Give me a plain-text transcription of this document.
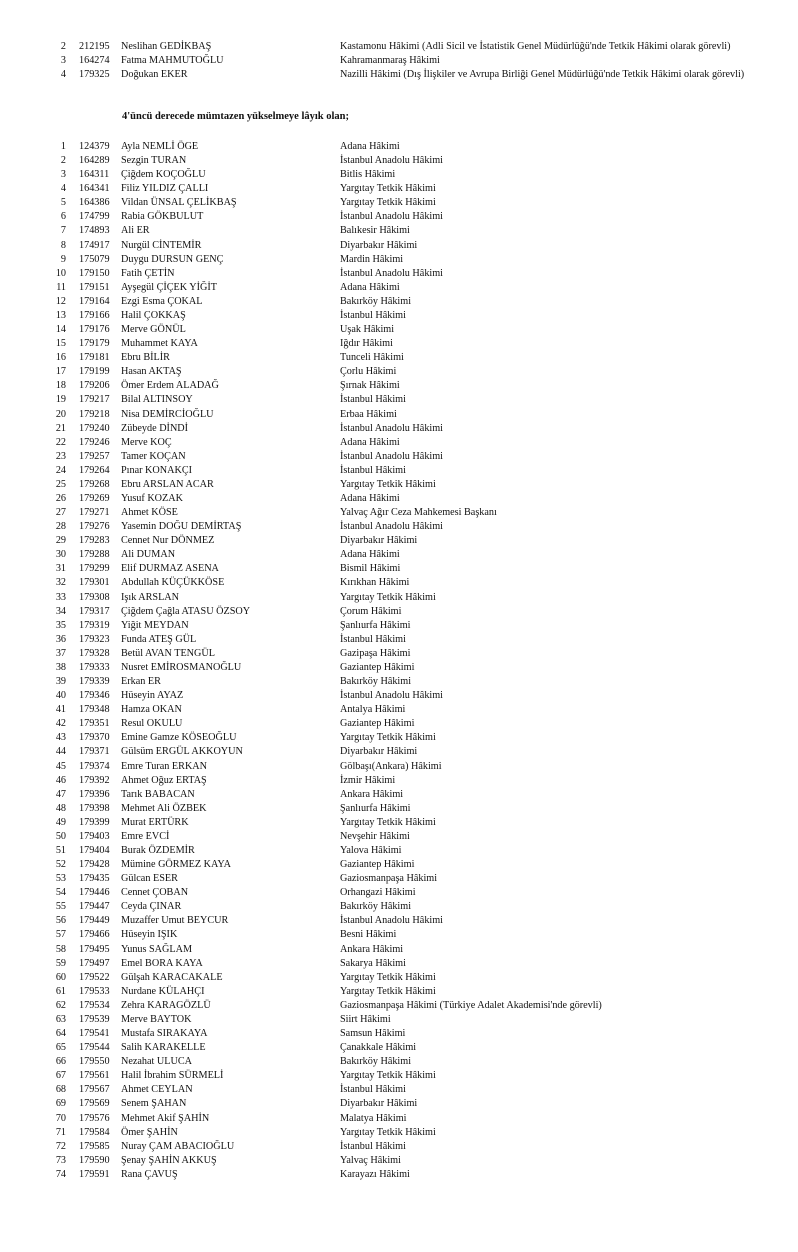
2 212195 Neslihan GEDİKBAŞ	Kastamonu Hâkimi (Adli Sicil ve İstatistik Genel Müdürlüğü'nde Tetkik Hâkimi olarak görevli)
3 164274 Fatma MAHMUTOĞLU	Kahramanmaraş Hâkimi
4 179325 Doğukan EKER	Nazilli Hâkimi (Dış İlişkiler ve Avrupa Birliği Genel Müdürlüğü'nde Tetkik Hâkimi olarak görevli)
4'üncü derecede mümtazen yükselmeye lâyık olan;
1 124379 Ayla NEMLİ ÖGE	Adana Hâkimi
2 164289 Sezgin TURAN	İstanbul Anadolu Hâkimi
3 164311 Çiğdem KOÇOĞLU	Bitlis Hâkimi
4 164341 Filiz YILDIZ ÇALLI	Yargıtay Tetkik Hâkimi
5 164386 Vildan ÜNSAL ÇELİKBAŞ	Yargıtay Tetkik Hâkimi
6 174799 Rabia GÖKBULUT	İstanbul Anadolu Hâkimi
7 174893 Ali ER	Balıkesir Hâkimi
8 174917 Nurgül CİNTEMİR	Diyarbakır Hâkimi
9 175079 Duygu DURSUN GENÇ	Mardin Hâkimi
10 179150 Fatih ÇETİN	İstanbul Anadolu Hâkimi
11 179151 Ayşegül ÇİÇEK YİĞİT	Adana Hâkimi
12 179164 Ezgi Esma ÇOKAL	Bakırköy Hâkimi
13 179166 Halil ÇOKKAŞ	İstanbul Hâkimi
14 179176 Merve GÖNÜL	Uşak Hâkimi
15 179179 Muhammet KAYA	Iğdır Hâkimi
16 179181 Ebru BİLİR	Tunceli Hâkimi
17 179199 Hasan AKTAŞ	Çorlu Hâkimi
18 179206 Ömer Erdem ALADAĞ	Şırnak Hâkimi
19 179217 Bilal ALTINSOY	İstanbul Hâkimi
20 179218 Nisa DEMİRCİOĞLU	Erbaa Hâkimi
21 179240 Zübeyde DİNDİ	İstanbul Anadolu Hâkimi
22 179246 Merve KOÇ	Adana Hâkimi
23 179257 Tamer KOÇAN	İstanbul Anadolu Hâkimi
24 179264 Pınar KONAKÇI	İstanbul Hâkimi
25 179268 Ebru ARSLAN ACAR	Yargıtay Tetkik Hâkimi
26 179269 Yusuf KOZAK	Adana Hâkimi
27 179271 Ahmet KÖSE	Yalvaç Ağır Ceza Mahkemesi Başkanı
28 179276 Yasemin DOĞU DEMİRTAŞ	İstanbul Anadolu Hâkimi
29 179283 Cennet Nur DÖNMEZ	Diyarbakır Hâkimi
30 179288 Ali DUMAN	Adana Hâkimi
31 179299 Elif DURMAZ ASENA	Bismil Hâkimi
32 179301 Abdullah KÜÇÜKKÖSE	Kırıkhan Hâkimi
33 179308 Işık ARSLAN	Yargıtay Tetkik Hâkimi
34 179317 Çiğdem Çağla ATASU ÖZSOY	Çorum Hâkimi
35 179319 Yiğit MEYDAN	Şanlıurfa Hâkimi
36 179323 Funda ATEŞ GÜL	İstanbul Hâkimi
37 179328 Betül AVAN TENGÜL	Gazipaşa Hâkimi
38 179333 Nusret EMİROSMANOĞLU	Gaziantep Hâkimi
39 179339 Erkan ER	Bakırköy Hâkimi
40 179346 Hüseyin AYAZ	İstanbul Anadolu Hâkimi
41 179348 Hamza OKAN	Antalya Hâkimi
42 179351 Resul OKULU	Gaziantep Hâkimi
43 179370 Emine Gamze KÖSEOĞLU	Yargıtay Tetkik Hâkimi
44 179371 Gülsüm ERGÜL AKKOYUN	Diyarbakır Hâkimi
45 179374 Emre Turan ERKAN	Gölbaşı(Ankara) Hâkimi
46 179392 Ahmet Oğuz ERTAŞ	İzmir Hâkimi
47 179396 Tarık BABACAN	Ankara Hâkimi
48 179398 Mehmet Ali ÖZBEK	Şanlıurfa Hâkimi
49 179399 Murat ERTÜRK	Yargıtay Tetkik Hâkimi
50 179403 Emre EVCİ	Nevşehir Hâkimi
51 179404 Burak ÖZDEMİR	Yalova Hâkimi
52 179428 Mümine GÖRMEZ KAYA	Gaziantep Hâkimi
53 179435 Gülcan ESER	Gaziosmanpaşa Hâkimi
54 179446 Cennet ÇOBAN	Orhangazi Hâkimi
55 179447 Ceyda ÇINAR	Bakırköy Hâkimi
56 179449 Muzaffer Umut BEYCUR	İstanbul Anadolu Hâkimi
57 179466 Hüseyin IŞIK	Besni Hâkimi
58 179495 Yunus SAĞLAM	Ankara Hâkimi
59 179497 Emel BORA KAYA	Sakarya Hâkimi
60 179522 Gülşah KARACAKALE	Yargıtay Tetkik Hâkimi
61 179533 Nurdane KÜLAHÇI	Yargıtay Tetkik Hâkimi
62 179534 Zehra KARAGÖZLÜ	Gaziosmanpaşa Hâkimi (Türkiye Adalet Akademisi'nde görevli)
63 179539 Merve BAYTOK	Siirt Hâkimi
64 179541 Mustafa SIRAKAYA	Samsun Hâkimi
65 179544 Salih KARAKELLE	Çanakkale Hâkimi
66 179550 Nezahat ULUCA	Bakırköy Hâkimi
67 179561 Halil İbrahim SÜRMELİ	Yargıtay Tetkik Hâkimi
68 179567 Ahmet CEYLAN	İstanbul Hâkimi
69 179569 Senem ŞAHAN	Diyarbakır Hâkimi
70 179576 Mehmet Akif ŞAHİN	Malatya Hâkimi
71 179584 Ömer ŞAHİN	Yargıtay Tetkik Hâkimi
72 179585 Nuray ÇAM ABACIOĞLU	İstanbul Hâkimi
73 179590 Şenay ŞAHİN AKKUŞ	Yalvaç Hâkimi
74 179591 Rana ÇAVUŞ	Karayazı Hâkimi
